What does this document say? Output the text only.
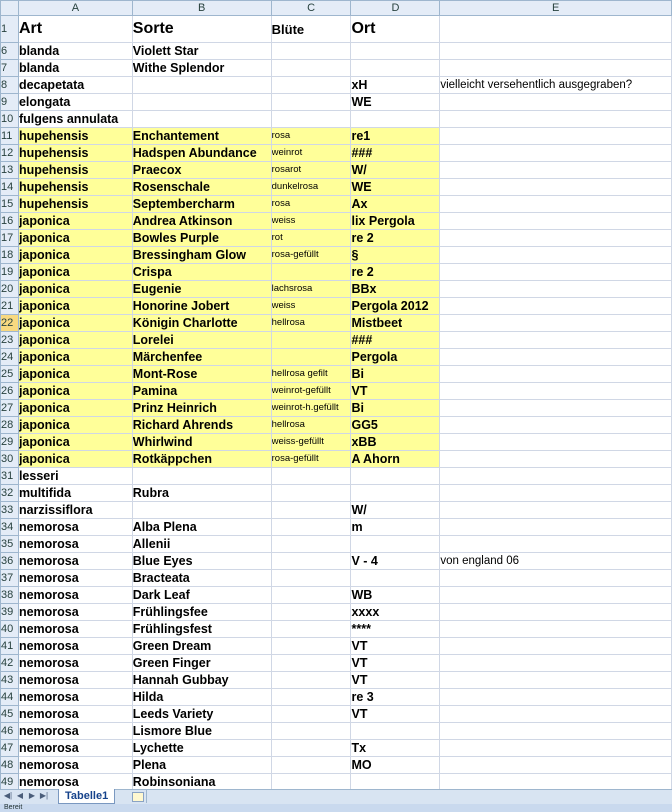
	A	B	C	D	E
1	Art	Sorte	Blüte	Ort	
6	blanda	Violett Star			
7	blanda	Withe Splendor			
8	decapetata			xH	vielleicht versehentlich ausgegraben?
9	elongata			WE	
10	fulgens annulata				
11	hupehensis	Enchantement	rosa	re1	
12	hupehensis	Hadspen Abundance	weinrot	###	
13	hupehensis	Praecox	rosarot	W/	
14	hupehensis	Rosenschale	dunkelrosa	WE	
15	hupehensis	Septembercharm	rosa	Ax	
16	japonica	Andrea Atkinson	weiss	lix Pergola	
17	japonica	Bowles Purple	rot	re 2	
18	japonica	Bressingham Glow	rosa-gefüllt	§	
19	japonica	Crispa		re 2	
20	japonica	Eugenie	lachsrosa	BBx	
21	japonica	Honorine Jobert	weiss	Pergola 2012	
22	japonica	Königin Charlotte	hellrosa	Mistbeet	
23	japonica	Lorelei		###	
24	japonica	Märchenfee		Pergola	
25	japonica	Mont-Rose	hellrosa gefilt	Bi	
26	japonica	Pamina	weinrot-gefüllt	VT	
27	japonica	Prinz Heinrich	weinrot-h.gefüllt	Bi	
28	japonica	Richard Ahrends	hellrosa	GG5	
29	japonica	Whirlwind	weiss-gefüllt	xBB	
30	japonica	Rotkäppchen	rosa-gefüllt	A Ahorn	
31	lesseri				
32	multifida	Rubra			
33	narzissiflora			W/	
34	nemorosa	Alba Plena		m	
35	nemorosa	Allenii			
36	nemorosa	Blue Eyes		V - 4	von england 06
37	nemorosa	Bracteata			
38	nemorosa	Dark Leaf		WB	
39	nemorosa	Frühlingsfee		xxxx	
40	nemorosa	Frühlingsfest		****	
41	nemorosa	Green Dream		VT	
42	nemorosa	Green Finger		VT	
43	nemorosa	Hannah Gubbay		VT	
44	nemorosa	Hilda		re 3	
45	nemorosa	Leeds Variety		VT	
46	nemorosa	Lismore Blue			
47	nemorosa	Lychette		Tx	
48	nemorosa	Plena		MO	
49	nemorosa	Robinsoniana			
◀| ◀ ▶ ▶|	Tabelle1
Bereit
